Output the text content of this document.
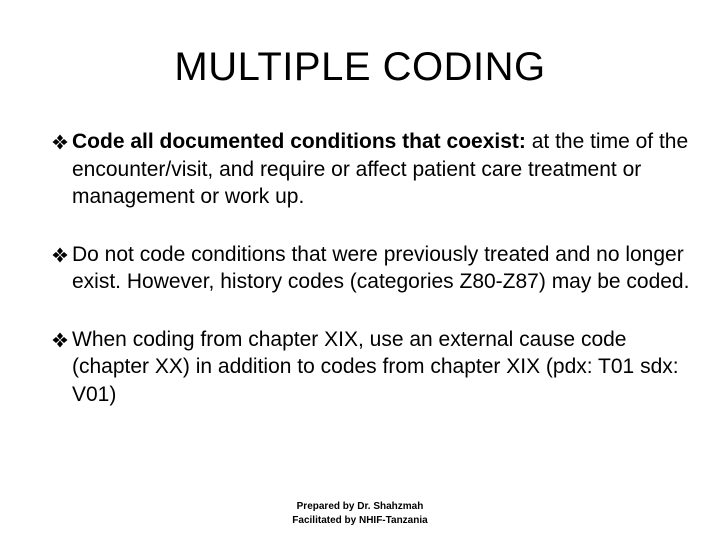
MULTIPLE CODING
Code all documented conditions that coexist: at the time of the encounter/visit, and require or affect patient care treatment or management or work up.
Do not code conditions that were previously treated and no longer exist. However, history codes (categories Z80-Z87) may be coded.
When coding from chapter XIX, use an external cause code (chapter XX) in addition to codes from chapter XIX (pdx: T01 sdx: V01)
Prepared by Dr. Shahzmah
Facilitated by NHIF-Tanzania
